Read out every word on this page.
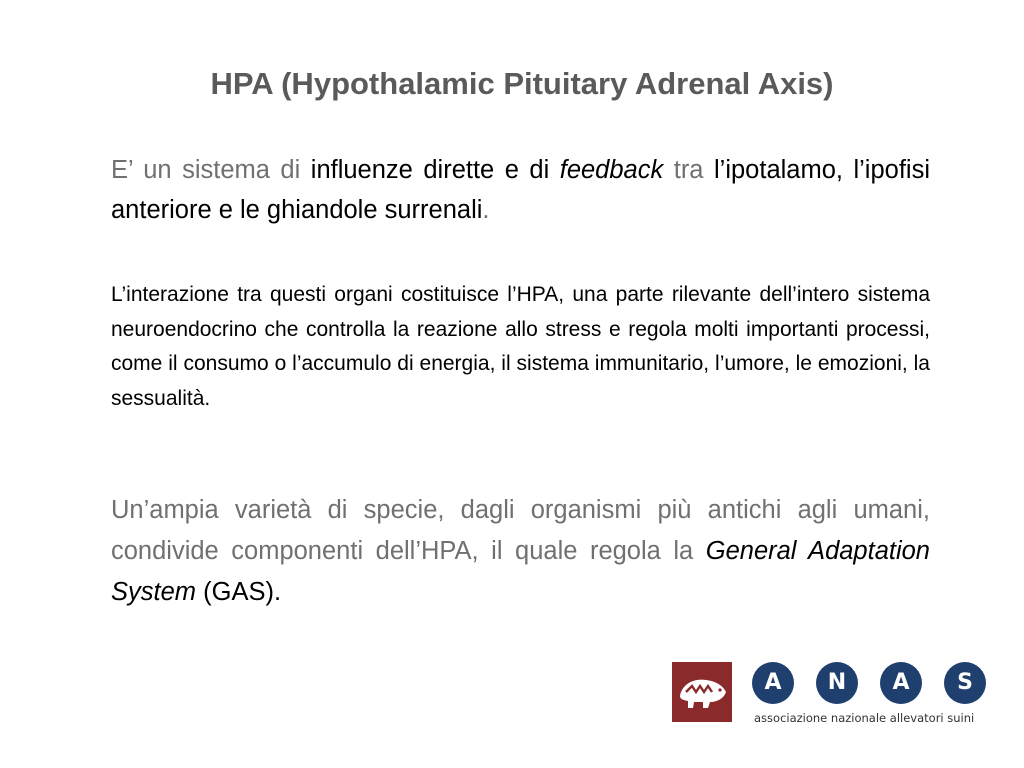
HPA (Hypothalamic Pituitary Adrenal Axis)

E’ un sistema di influenze dirette e di feedback tra l’ipotalamo, l’ipofisi anteriore e le ghiandole surrenali.

L’interazione tra questi organi costituisce l’HPA, una parte rilevante dell’intero sistema neuroendocrino che controlla la reazione allo stress e regola molti importanti processi, come il consumo o l’accumulo di energia, il sistema immunitario, l’umore, le emozioni, la sessualità.

Un’ampia varietà di specie, dagli organismi più antichi agli umani, condivide componenti dell’HPA, il quale regola la General Adaptation System (GAS).

A	N	A	S
associazione nazionale allevatori suini
